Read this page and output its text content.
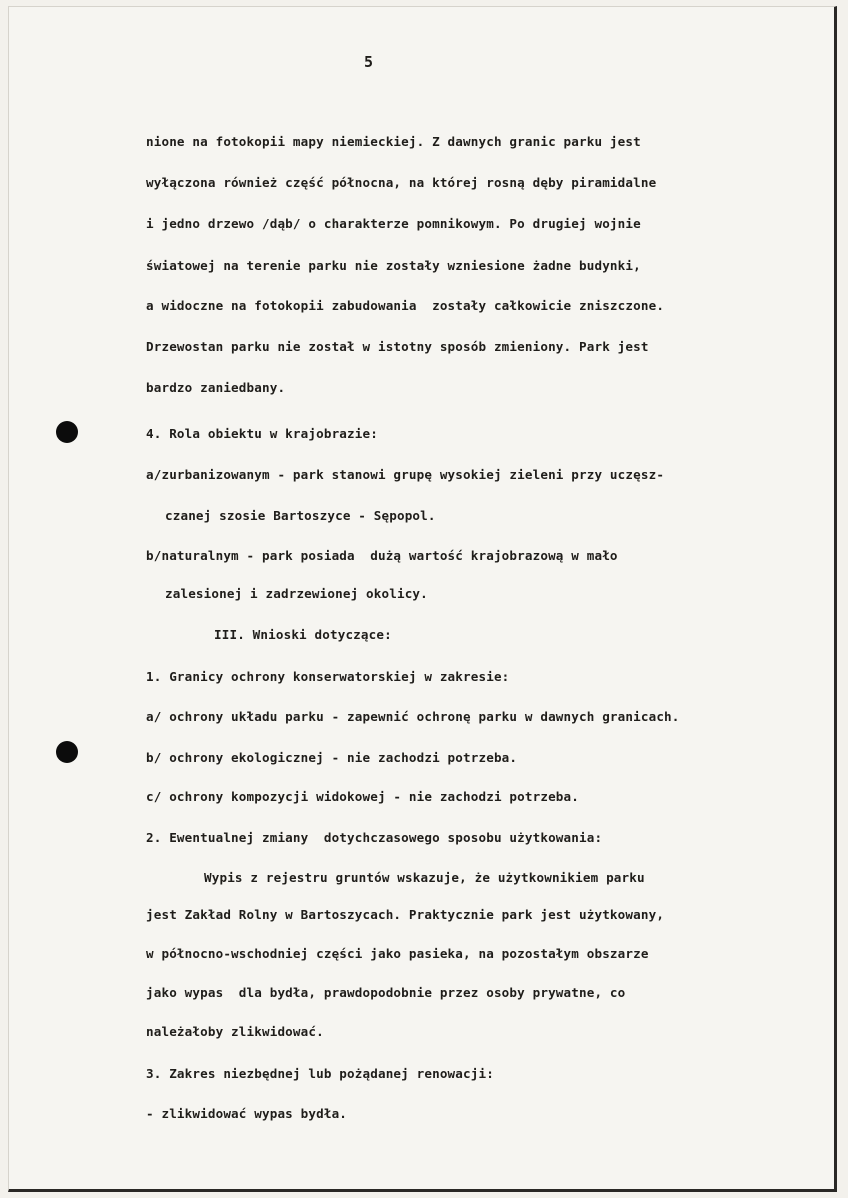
5
nione na fotokopii mapy niemieckiej. Z dawnych granic parku jest
wyłączona również część północna, na której rosną dęby piramidalne
i jedno drzewo /dąb/ o charakterze pomnikowym. Po drugiej wojnie
światowej na terenie parku nie zostały wzniesione żadne budynki,
a widoczne na fotokopii zabudowania  zostały całkowicie zniszczone.
Drzewostan parku nie został w istotny sposób zmieniony. Park jest
bardzo zaniedbany.
4. Rola obiektu w krajobrazie:
a/zurbanizowanym - park stanowi grupę wysokiej zieleni przy uczęsz-
czanej szosie Bartoszyce - Sępopol.
b/naturalnym - park posiada  dużą wartość krajobrazową w mało
zalesionej i zadrzewionej okolicy.
III. Wnioski dotyczące:
1. Granicy ochrony konserwatorskiej w zakresie:
a/ ochrony układu parku - zapewnić ochronę parku w dawnych granicach.
b/ ochrony ekologicznej - nie zachodzi potrzeba.
c/ ochrony kompozycji widokowej - nie zachodzi potrzeba.
2. Ewentualnej zmiany  dotychczasowego sposobu użytkowania:
Wypis z rejestru gruntów wskazuje, że użytkownikiem parku
jest Zakład Rolny w Bartoszycach. Praktycznie park jest użytkowany,
w północno-wschodniej części jako pasieka, na pozostałym obszarze
jako wypas  dla bydła, prawdopodobnie przez osoby prywatne, co
należałoby zlikwidować.
3. Zakres niezbędnej lub pożądanej renowacji:
- zlikwidować wypas bydła.
